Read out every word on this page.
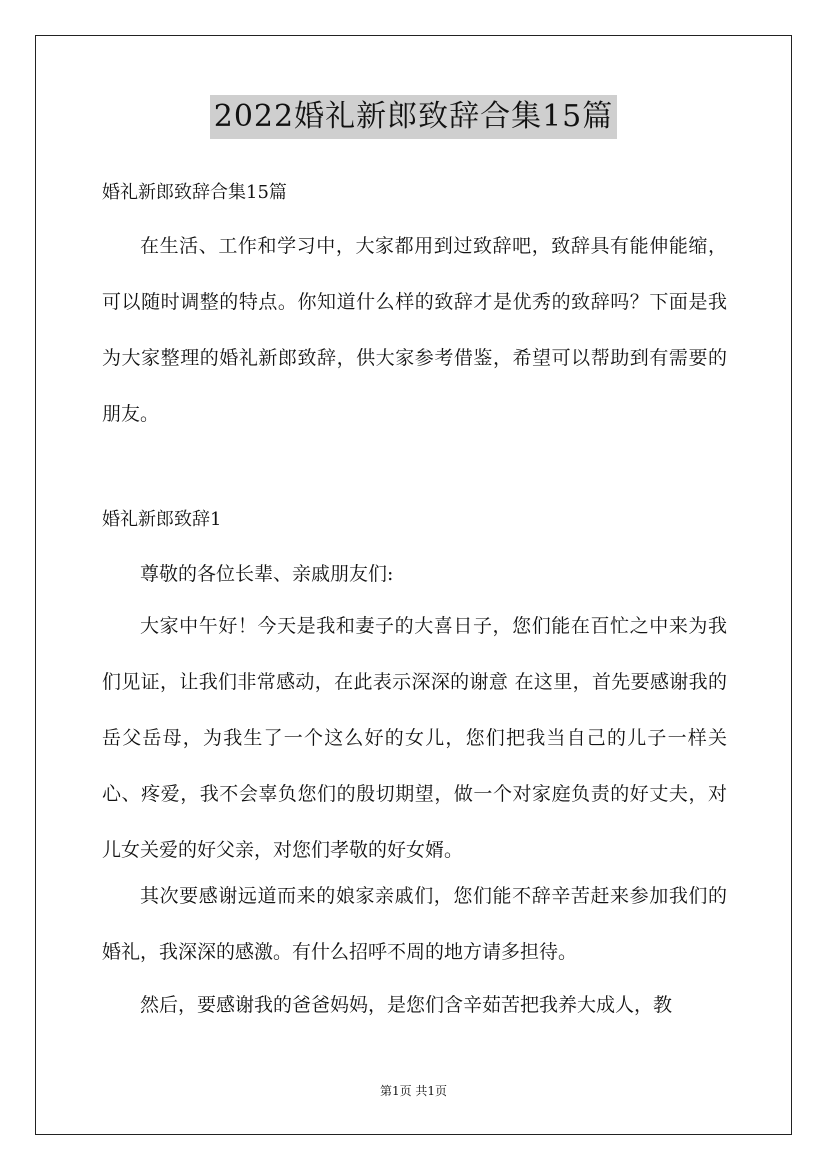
2022婚礼新郎致辞合集15篇
婚礼新郎致辞合集15篇

在生活、工作和学习中，大家都用到过致辞吧，致辞具有能伸能缩，可以随时调整的特点。你知道什么样的致辞才是优秀的致辞吗？下面是我为大家整理的婚礼新郎致辞，供大家参考借鉴，希望可以帮助到有需要的朋友。

婚礼新郎致辞1

尊敬的各位长辈、亲戚朋友们:

大家中午好！今天是我和妻子的大喜日子，您们能在百忙之中来为我们见证，让我们非常感动，在此表示深深的谢意 在这里，首先要感谢我的岳父岳母，为我生了一个这么好的女儿，您们把我当自己的儿子一样关心、疼爱，我不会辜负您们的殷切期望，做一个对家庭负责的好丈夫，对儿女关爱的好父亲，对您们孝敬的好女婿。

其次要感谢远道而来的娘家亲戚们，您们能不辞辛苦赶来参加我们的婚礼，我深深的感激。有什么招呼不周的地方请多担待。

然后，要感谢我的爸爸妈妈，是您们含辛茹苦把我养大成人，教

第1页 共1页
